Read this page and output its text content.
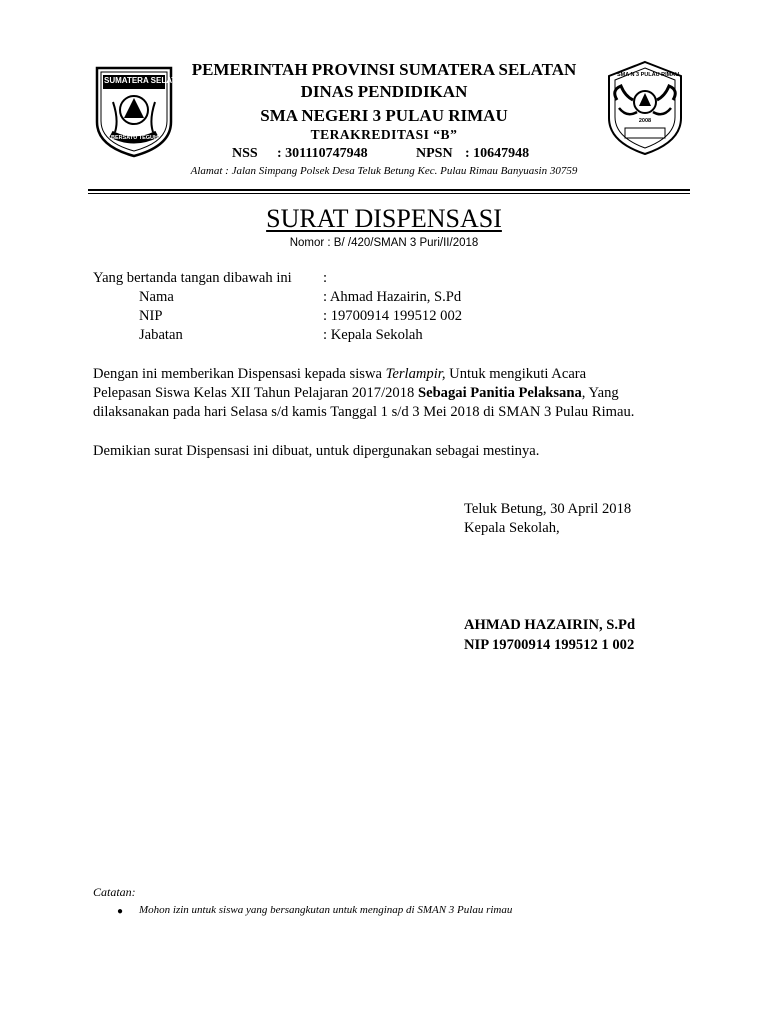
SUMATERA SELATAN
BERSATU TEGUH
SMA N 3 PULAU RIMAU
2008
PEMERINTAH PROVINSI SUMATERA SELATAN
DINAS PENDIDIKAN
SMA NEGERI 3 PULAU RIMAU
TERAKREDITASI “B”
NSS : 301110747948	NPSN : 10647948
Alamat : Jalan Simpang Polsek Desa Teluk Betung Kec. Pulau Rimau Banyuasin 30759
SURAT DISPENSASI
Nomor : B/ /420/SMAN 3 Puri/II/2018
Yang bertanda tangan dibawah ini :
Nama	: Ahmad Hazairin, S.Pd
NIP	: 19700914 199512 002
Jabatan	: Kepala Sekolah
Dengan ini memberikan Dispensasi kepada siswa Terlampir, Untuk mengikuti Acara
Pelepasan Siswa Kelas XII Tahun Pelajaran 2017/2018 Sebagai Panitia Pelaksana, Yang
dilaksanakan pada hari Selasa s/d kamis Tanggal 1 s/d 3 Mei 2018 di SMAN 3 Pulau Rimau.
Demikian surat Dispensasi ini dibuat, untuk dipergunakan sebagai mestinya.
Teluk Betung, 30 April 2018
Kepala Sekolah,
AHMAD HAZAIRIN, S.Pd
NIP 19700914 199512 1 002
Catatan:
● Mohon izin untuk siswa yang bersangkutan untuk menginap di SMAN 3 Pulau rimau
